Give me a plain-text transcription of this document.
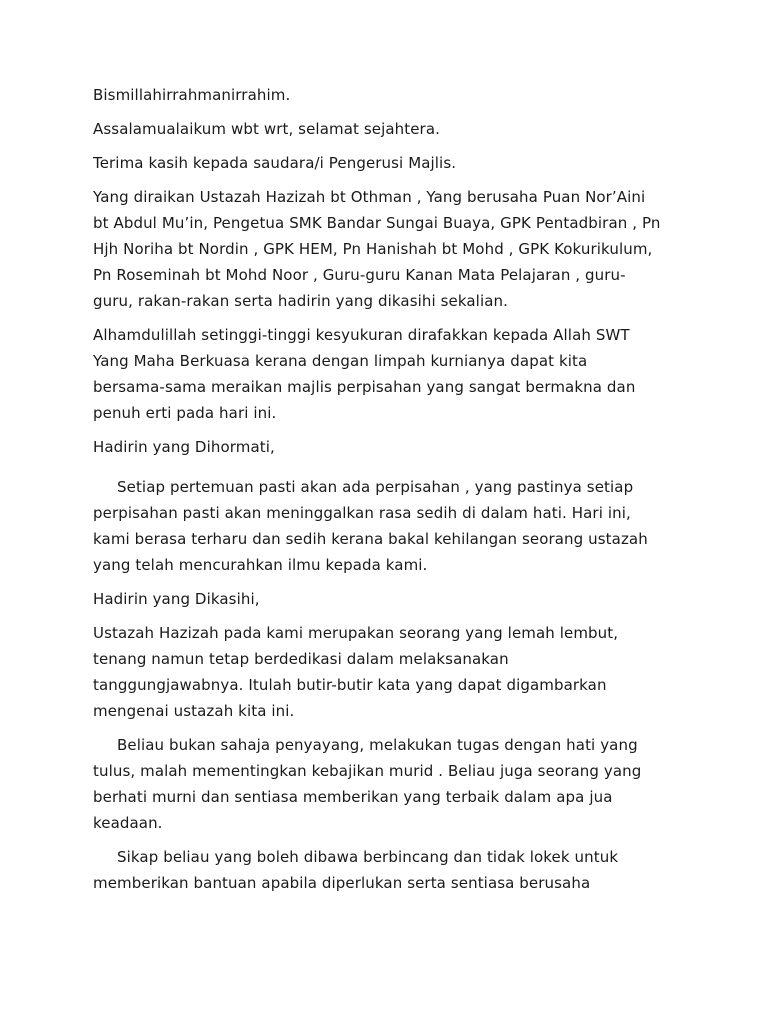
Bismillahirrahmanirrahim.

Assalamualaikum wbt wrt, selamat sejahtera.

Terima kasih kepada saudara/i Pengerusi Majlis.

Yang diraikan Ustazah Hazizah bt Othman , Yang berusaha Puan Nor’Aini
bt Abdul Mu’in, Pengetua SMK Bandar Sungai Buaya, GPK Pentadbiran , Pn
Hjh Noriha bt Nordin , GPK HEM, Pn Hanishah bt Mohd , GPK Kokurikulum,
Pn Roseminah bt Mohd Noor , Guru-guru Kanan Mata Pelajaran , guru-
guru, rakan-rakan serta hadirin yang dikasihi sekalian.

Alhamdulillah setinggi-tinggi kesyukuran dirafakkan kepada Allah SWT
Yang Maha Berkuasa kerana dengan limpah kurnianya dapat kita
bersama-sama meraikan majlis perpisahan yang sangat bermakna dan
penuh erti pada hari ini.

Hadirin yang Dihormati,

Setiap pertemuan pasti akan ada perpisahan , yang pastinya setiap
perpisahan pasti akan meninggalkan rasa sedih di dalam hati. Hari ini,
kami berasa terharu dan sedih kerana bakal kehilangan seorang ustazah
yang telah mencurahkan ilmu kepada kami.

Hadirin yang Dikasihi,

Ustazah Hazizah pada kami merupakan seorang yang lemah lembut,
tenang namun tetap berdedikasi dalam melaksanakan
tanggungjawabnya. Itulah butir-butir kata yang dapat digambarkan
mengenai ustazah kita ini.

Beliau bukan sahaja penyayang, melakukan tugas dengan hati yang
tulus, malah mementingkan kebajikan murid . Beliau juga seorang yang
berhati murni dan sentiasa memberikan yang terbaik dalam apa jua
keadaan.

Sikap beliau yang boleh dibawa berbincang dan tidak lokek untuk
memberikan bantuan apabila diperlukan serta sentiasa berusaha
